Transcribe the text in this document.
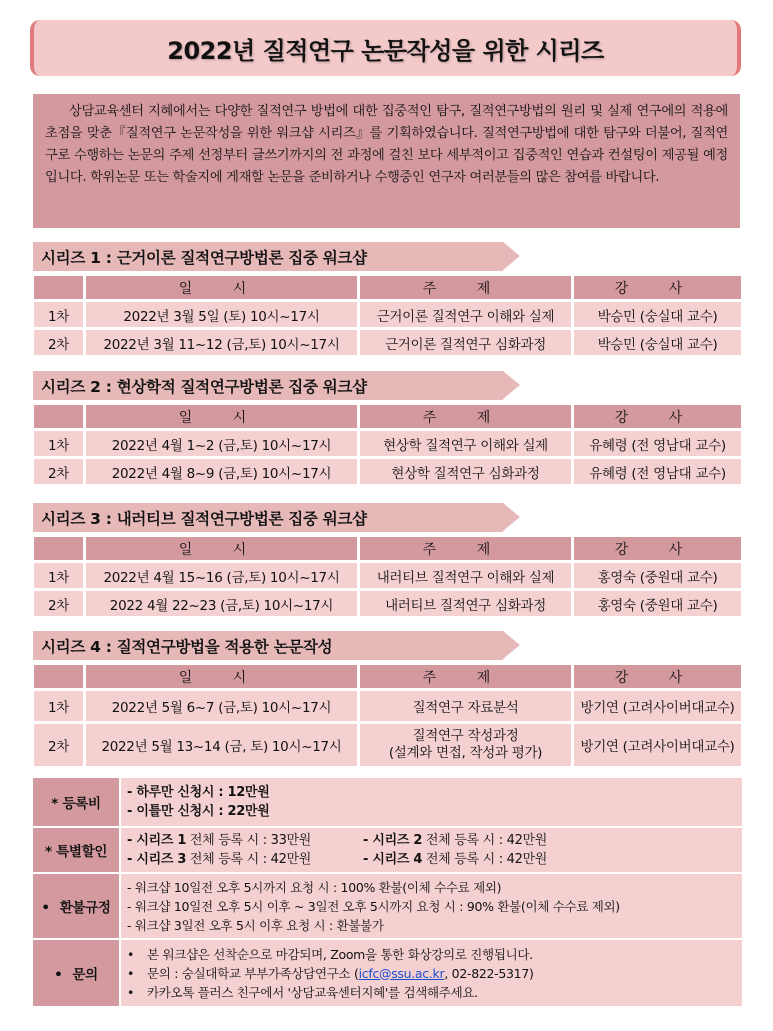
2022년 질적연구 논문작성을 위한 시리즈
상담교육센터 지혜에서는 다양한 질적연구 방법에 대한 집중적인 탐구, 질적연구방법의 원리 및 실제 연구에의 적용에 초점을 맞춘『질적연구 논문작성을 위한 워크샵 시리즈』를 기획하였습니다. 질적연구방법에 대한 탐구와 더불어, 질적연구로 수행하는 논문의 주제 선정부터 글쓰기까지의 전 과정에 걸친 보다 세부적이고 집중적인 연습과 컨설팅이 제공될 예정입니다. 학위논문 또는 학술지에 게재할 논문을 준비하거나 수행중인 연구자 여러분들의 많은 참여를 바랍니다.
시리즈 1 : 근거이론 질적연구방법론 집중 워크샵
	일 시	주 제	강 사
1차	2022년 3월 5일 (토) 10시~17시	근거이론 질적연구 이해와 실제	박승민 (숭실대 교수)
2차	2022년 3월 11~12 (금,토) 10시~17시	근거이론 질적연구 심화과정	박승민 (숭실대 교수)
시리즈 2 : 현상학적 질적연구방법론 집중 워크샵
	일 시	주 제	강 사
1차	2022년 4월 1~2 (금,토) 10시~17시	현상학 질적연구 이해와 실제	유혜령 (전 영남대 교수)
2차	2022년 4월 8~9 (금,토) 10시~17시	현상학 질적연구 심화과정	유혜령 (전 영남대 교수)
시리즈 3 : 내러티브 질적연구방법론 집중 워크샵
	일 시	주 제	강 사
1차	2022년 4월 15~16 (금,토) 10시~17시	내러티브 질적연구 이해와 실제	홍영숙 (중원대 교수)
2차	2022 4월 22~23 (금,토) 10시~17시	내러티브 질적연구 심화과정	홍영숙 (중원대 교수)
시리즈 4 : 질적연구방법을 적용한 논문작성
	일 시	주 제	강 사
1차	2022년 5월 6~7 (금,토) 10시~17시	질적연구 자료분석	방기연 (고려사이버대교수)
2차	2022년 5월 13~14 (금, 토) 10시~17시	질적연구 작성과정
(설계와 면접, 작성과 평가)	방기연 (고려사이버대교수)
* 등록비	- 하루만 신청시 : 12만원
- 이틀만 신청시 : 22만원

* 특별할인	- 시리즈 1 전체 등록 시 : 33만원 - 시리즈 2 전체 등록 시 : 42만원
- 시리즈 3 전체 등록 시 : 42만원 - 시리즈 4 전체 등록 시 : 42만원

• 환불규정	- 워크샵 10일전 오후 5시까지 요청 시 : 100% 환불(이체 수수료 제외)
- 워크샵 10일전 오후 5시 이후 ~ 3일전 오후 5시까지 요청 시 : 90% 환불(이체 수수료 제외)
- 워크샵 3일전 오후 5시 이후 요청 시 : 환불불가

• 문의	• 본 워크샵은 선착순으로 마감되며, Zoom을 통한 화상강의로 진행됩니다.
• 문의 : 숭실대학교 부부가족상담연구소 (icfc@ssu.ac.kr, 02-822-5317)
• 카카오톡 플러스 친구에서 '상담교육센터지혜'를 검색해주세요.
